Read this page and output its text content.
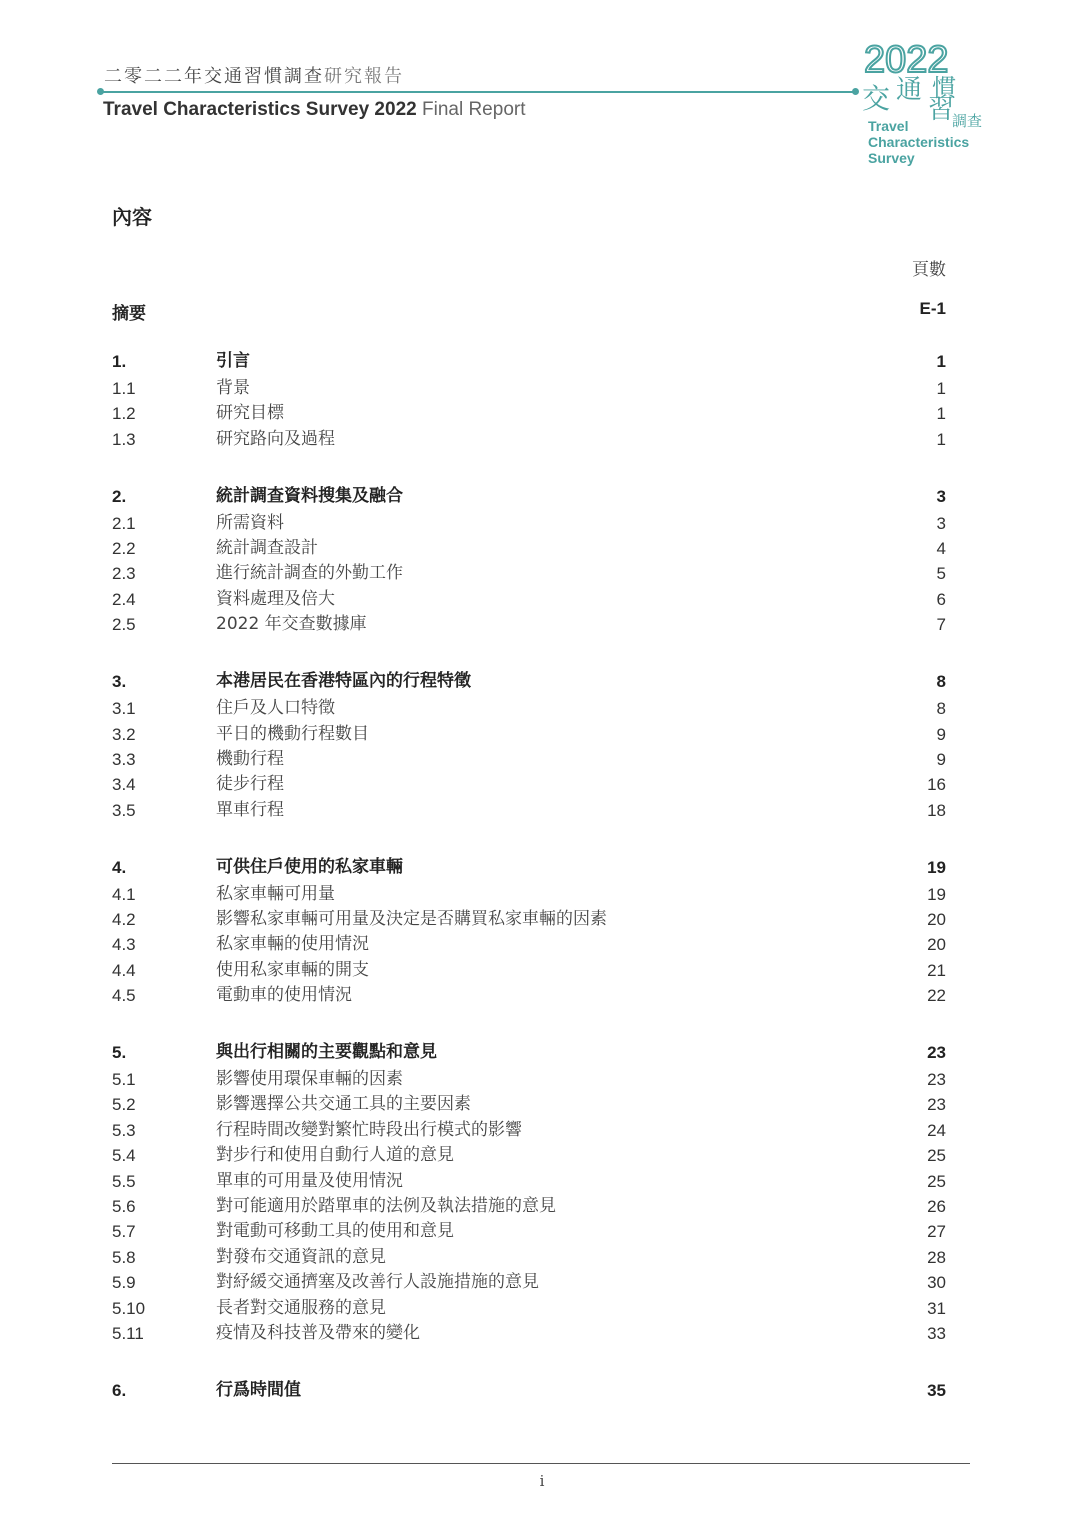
二零二二年交通習慣調查研究報告
Travel Characteristics Survey 2022 Final Report
2022
交 通
習
慣
調查
Travel
Characteristics
Survey
內容
頁數
摘要	E-1
1.	引言	1
1.1	背景	1
1.2	研究目標	1
1.3	研究路向及過程	1
2.	統計調查資料搜集及融合	3
2.1	所需資料	3
2.2	統計調查設計	4
2.3	進行統計調查的外勤工作	5
2.4	資料處理及倍大	6
2.5	2022 年交查數據庫	7
3.	本港居民在香港特區內的行程特徵	8
3.1	住戶及人口特徵	8
3.2	平日的機動行程數目	9
3.3	機動行程	9
3.4	徒步行程	16
3.5	單車行程	18
4.	可供住戶使用的私家車輛	19
4.1	私家車輛可用量	19
4.2	影響私家車輛可用量及決定是否購買私家車輛的因素	20
4.3	私家車輛的使用情況	20
4.4	使用私家車輛的開支	21
4.5	電動車的使用情況	22
5.	與出行相關的主要觀點和意見	23
5.1	影響使用環保車輛的因素	23
5.2	影響選擇公共交通工具的主要因素	23
5.3	行程時間改變對繁忙時段出行模式的影響	24
5.4	對步行和使用自動行人道的意見	25
5.5	單車的可用量及使用情況	25
5.6	對可能適用於踏單車的法例及執法措施的意見	26
5.7	對電動可移動工具的使用和意見	27
5.8	對發布交通資訊的意見	28
5.9	對紓緩交通擠塞及改善行人設施措施的意見	30
5.10	長者對交通服務的意見	31
5.11	疫情及科技普及帶來的變化	33
6.	行爲時間值	35
i
